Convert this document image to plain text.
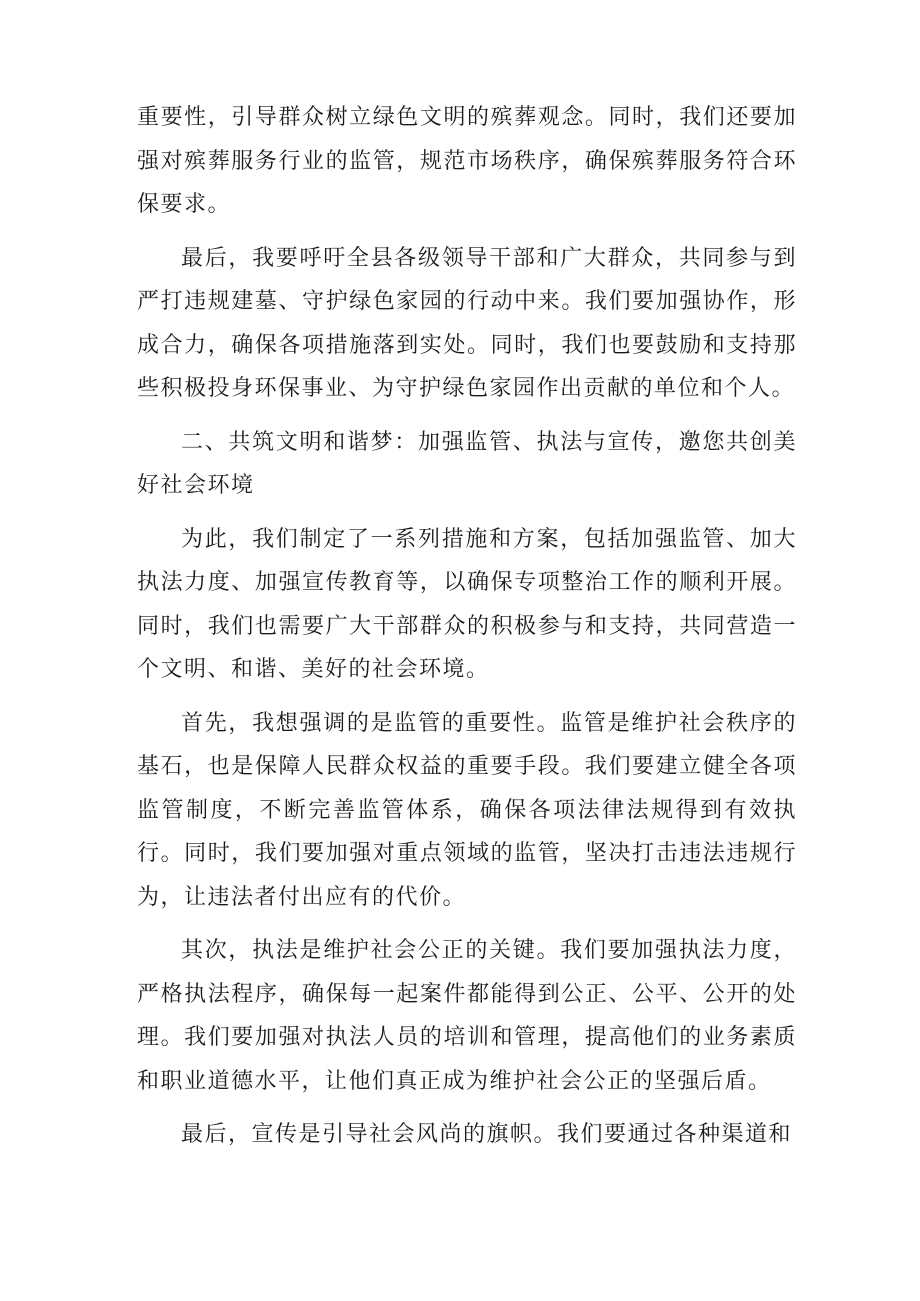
重要性，引导群众树立绿色文明的殡葬观念。同时，我们还要加强对殡葬服务行业的监管，规范市场秩序，确保殡葬服务符合环保要求。

最后，我要呼吁全县各级领导干部和广大群众，共同参与到严打违规建墓、守护绿色家园的行动中来。我们要加强协作，形成合力，确保各项措施落到实处。同时，我们也要鼓励和支持那些积极投身环保事业、为守护绿色家园作出贡献的单位和个人。

二、共筑文明和谐梦：加强监管、执法与宣传，邀您共创美好社会环境

为此，我们制定了一系列措施和方案，包括加强监管、加大执法力度、加强宣传教育等，以确保专项整治工作的顺利开展。同时，我们也需要广大干部群众的积极参与和支持，共同营造一个文明、和谐、美好的社会环境。

首先，我想强调的是监管的重要性。监管是维护社会秩序的基石，也是保障人民群众权益的重要手段。我们要建立健全各项监管制度，不断完善监管体系，确保各项法律法规得到有效执行。同时，我们要加强对重点领域的监管，坚决打击违法违规行为，让违法者付出应有的代价。

其次，执法是维护社会公正的关键。我们要加强执法力度，严格执法程序，确保每一起案件都能得到公正、公平、公开的处理。我们要加强对执法人员的培训和管理，提高他们的业务素质和职业道德水平，让他们真正成为维护社会公正的坚强后盾。

最后，宣传是引导社会风尚的旗帜。我们要通过各种渠道和
